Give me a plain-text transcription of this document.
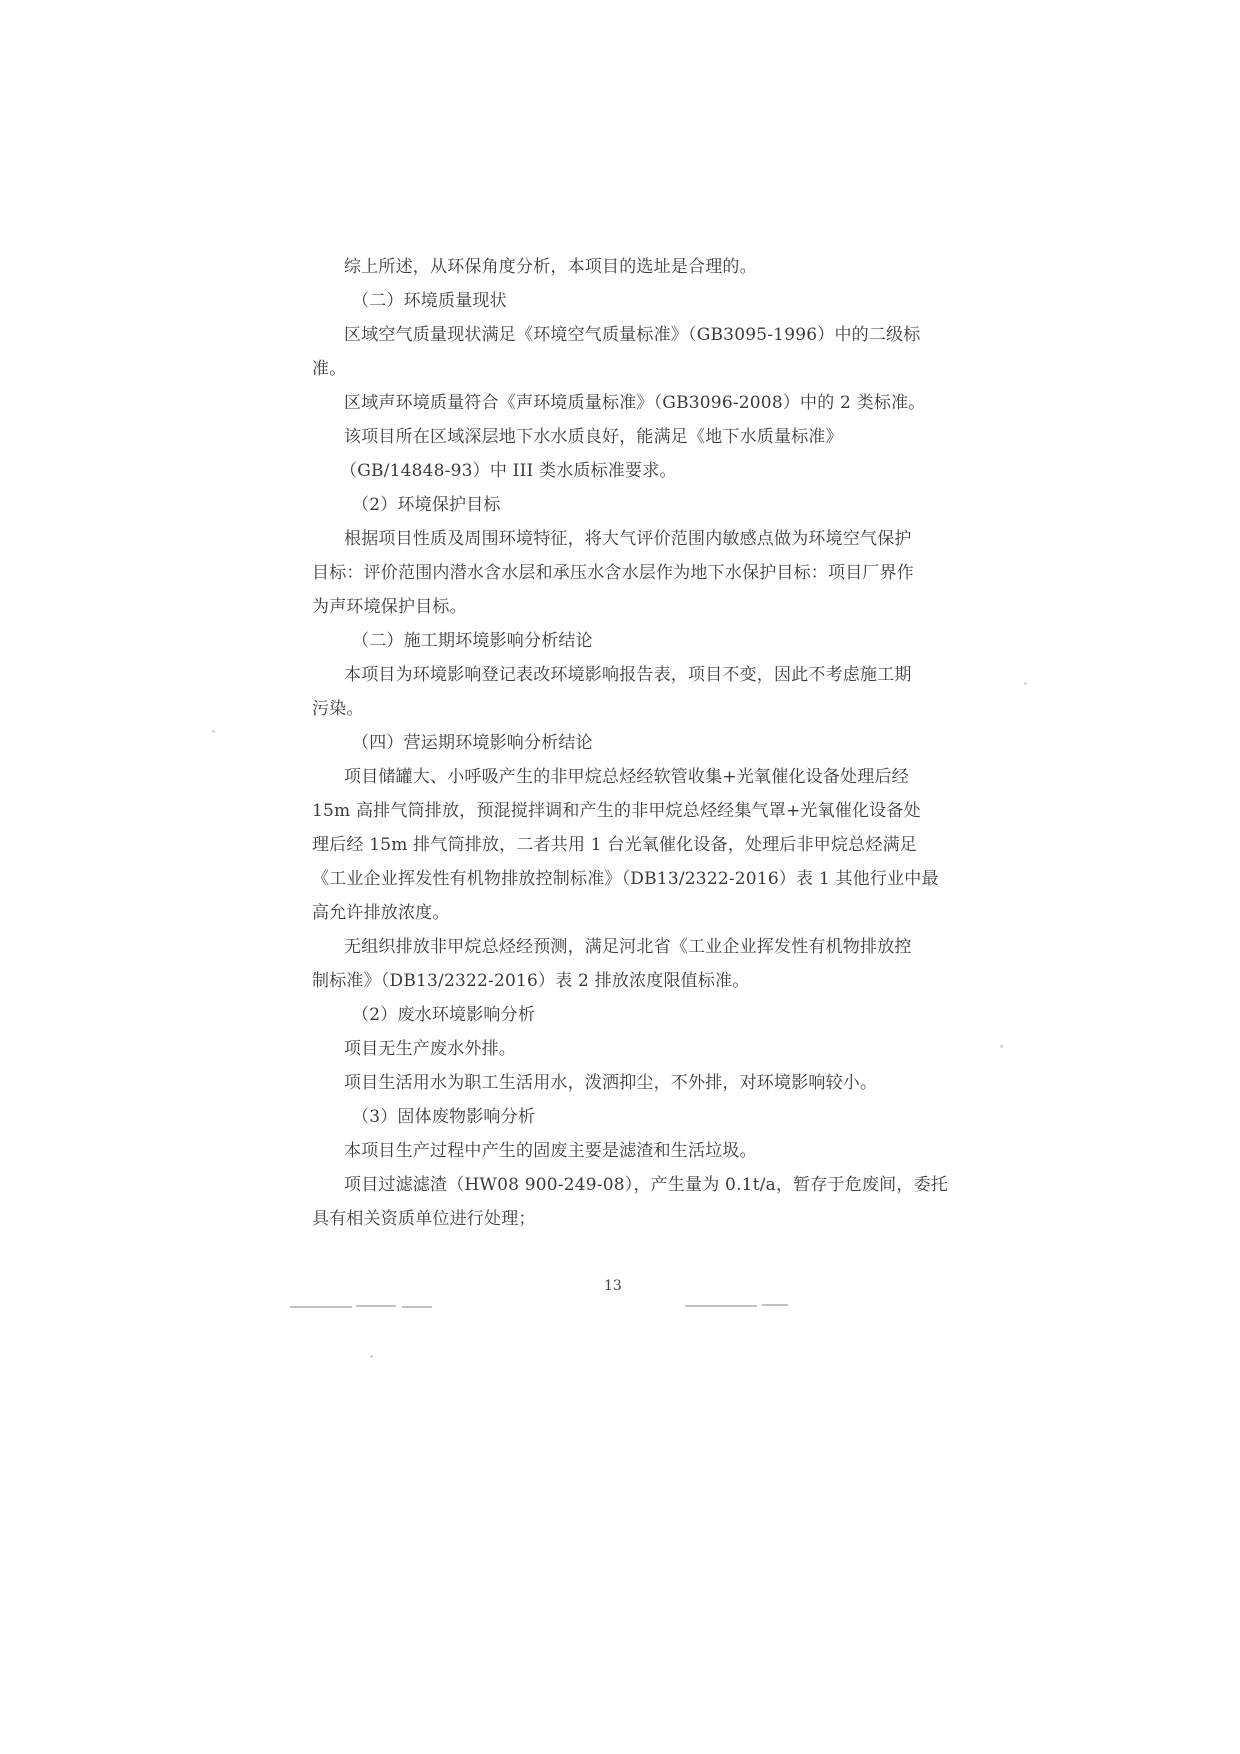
综上所述，从环保角度分析，本项目的选址是合理的。
（二）环境质量现状
区域空气质量现状满足《环境空气质量标准》（GB3095-1996）中的二级标
准。
区域声环境质量符合《声环境质量标准》（GB3096-2008）中的 2 类标准。
该项目所在区域深层地下水水质良好，能满足《地下水质量标准》
（GB/14848-93）中 III 类水质标准要求。
（2）环境保护目标
根据项目性质及周围环境特征，将大气评价范围内敏感点做为环境空气保护
目标：评价范围内潜水含水层和承压水含水层作为地下水保护目标：项目厂界作
为声环境保护目标。
（二）施工期坏境影响分析结论
本项目为环境影响登记表改环境影响报告表，项目不变，因此不考虑施工期
污染。
（四）营运期环境影响分析结论
项目储罐大、小呼吸产生的非甲烷总烃经软管收集+光氧催化设备处理后经
15m 高排气筒排放，预混搅拌调和产生的非甲烷总烃经集气罩+光氧催化设备处
理后经 15m 排气筒排放，二者共用 1 台光氧催化设备，处理后非甲烷总烃满足
《工业企业挥发性有机物排放控制标准》（DB13/2322-2016）表 1 其他行业中最
高允许排放浓度。
无组织排放非甲烷总烃经预测，满足河北省《工业企业挥发性有机物排放控
制标准》（DB13/2322-2016）表 2 排放浓度限值标准。
（2）废水环境影响分析
项目无生产废水外排。
项目生活用水为职工生活用水，泼洒抑尘，不外排，对环境影响较小。
（3）固体废物影响分析
本项目生产过程中产生的固废主要是滤渣和生活垃圾。
项目过滤滤渣（HW08 900-249-08），产生量为 0.1t/a，暂存于危废间，委托
具有相关资质单位进行处理；
13
